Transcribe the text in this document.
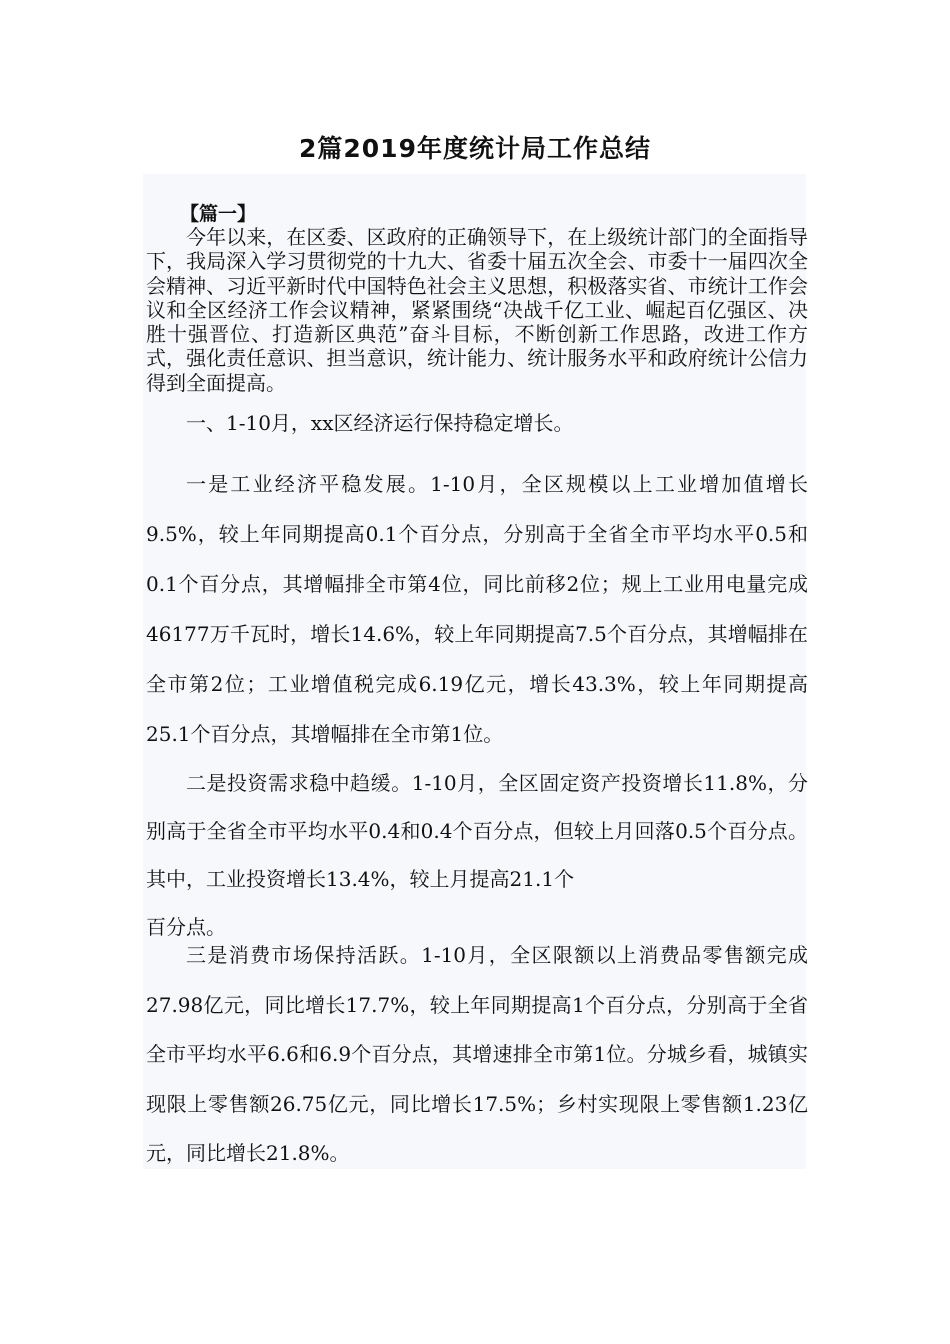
2篇2019年度统计局工作总结
【篇一】

今年以来，在区委、区政府的正确领导下，在上级统计部门的全面指导下，我局深入学习贯彻党的十九大、省委十届五次全会、市委十一届四次全会精神、习近平新时代中国特色社会主义思想，积极落实省、市统计工作会议和全区经济工作会议精神，紧紧围绕“决战千亿工业、崛起百亿强区、决胜十强晋位、打造新区典范”奋斗目标，不断创新工作思路，改进工作方式，强化责任意识、担当意识，统计能力、统计服务水平和政府统计公信力得到全面提高。

一、1-10月，xx区经济运行保持稳定增长。

一是工业经济平稳发展。1-10月，全区规模以上工业增加值增长9.5%，较上年同期提高0.1个百分点，分别高于全省全市平均水平0.5和0.1个百分点，其增幅排全市第4位，同比前移2位；规上工业用电量完成46177万千瓦时，增长14.6%，较上年同期提高7.5个百分点，其增幅排在全市第2位；工业增值税完成6.19亿元，增长43.3%，较上年同期提高25.1个百分点，其增幅排在全市第1位。

二是投资需求稳中趋缓。1-10月，全区固定资产投资增长11.8%，分别高于全省全市平均水平0.4和0.4个百分点，但较上月回落0.5个百分点。其中，工业投资增长13.4%，较上月提高21.1个
百分点。

三是消费市场保持活跃。1-10月，全区限额以上消费品零售额完成27.98亿元，同比增长17.7%，较上年同期提高1个百分点，分别高于全省全市平均水平6.6和6.9个百分点，其增速排全市第1位。分城乡看，城镇实现限上零售额26.75亿元，同比增长17.5%；乡村实现限上零售额1.23亿元，同比增长21.8%。
